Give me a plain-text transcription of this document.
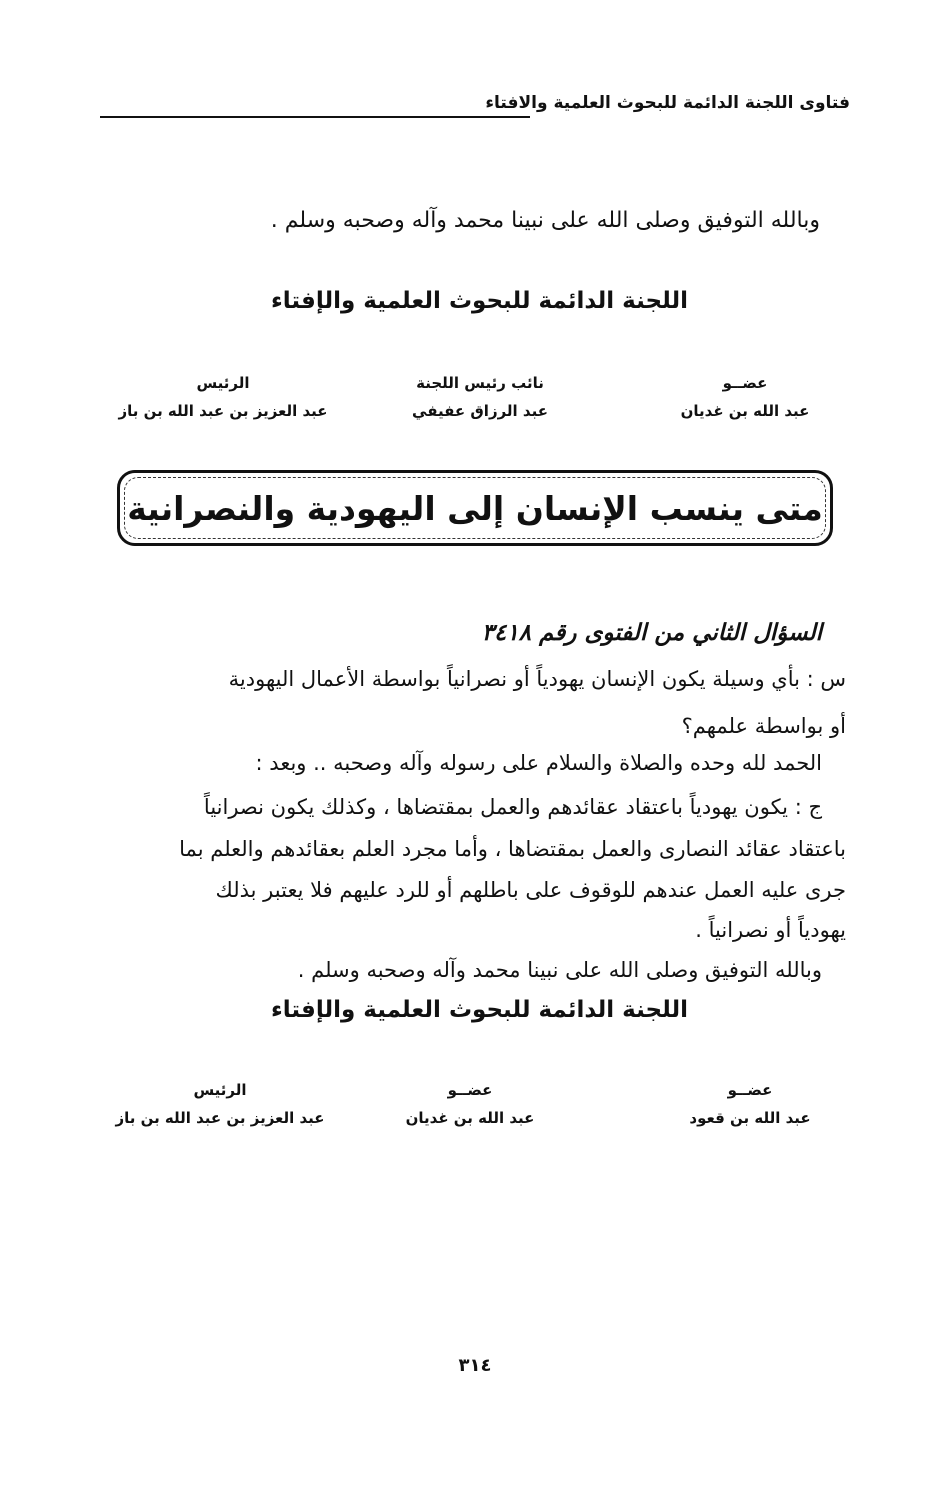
فتاوى اللجنة الدائمة للبحوث العلمية والافتاء
وبالله التوفيق وصلى الله على نبينا محمد وآله وصحبه وسلم .
اللجنة الدائمة للبحوث العلمية والإفتاء
عضــو
عبد الله بن غديان
نائب رئيس اللجنة
عبد الرزاق عفيفي
الرئيس
عبد العزيز بن عبد الله بن باز
متى ينسب الإنسان إلى اليهودية والنصرانية
السؤال الثاني من الفتوى رقم ٣٤١٨
س : بأي وسيلة يكون الإنسان يهودياً أو نصرانياً بواسطة الأعمال اليهودية
أو بواسطة علمهم؟
الحمد لله وحده والصلاة والسلام على رسوله وآله وصحبه .. وبعد :
ج : يكون يهودياً باعتقاد عقائدهم والعمل بمقتضاها ، وكذلك يكون نصرانياً
باعتقاد عقائد النصارى والعمل بمقتضاها ، وأما مجرد العلم بعقائدهم والعلم بما
جرى عليه العمل عندهم للوقوف على باطلهم أو للرد عليهم فلا يعتبر بذلك
يهودياً أو نصرانياً .
وبالله التوفيق وصلى الله على نبينا محمد وآله وصحبه وسلم .
اللجنة الدائمة للبحوث العلمية والإفتاء
عضــو
عبد الله بن قعود
عضــو
عبد الله بن غديان
الرئيس
عبد العزيز بن عبد الله بن باز
٣١٤
